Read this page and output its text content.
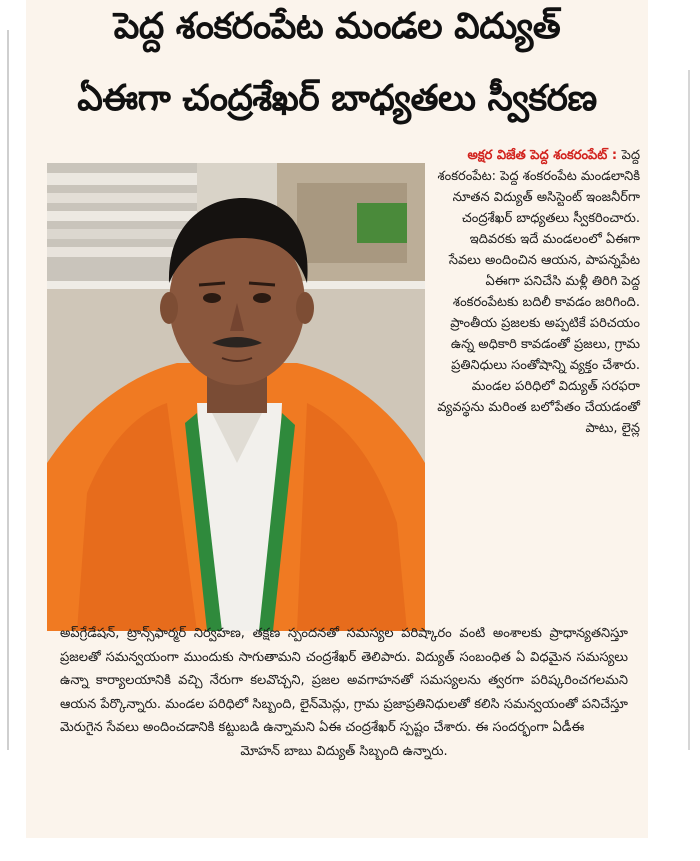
పెద్ద శంకరంపేట మండల విద్యుత్
ఏఈగా చంద్రశేఖర్ బాధ్యతలు స్వీకరణ
అక్షర విజేత పెద్ద శంకరంపేట్ : పెద్ద శంకరంపేట: పెద్ద శంకరంపేట మండలానికి నూతన విద్యుత్ అసిస్టెంట్ ఇంజనీర్‌గా చంద్రశేఖర్ బాధ్యతలు స్వీకరించారు. ఇదివరకు ఇదే మండలంలో ఏఈగా సేవలు అందించిన ఆయన, పాపన్నపేట ఏఈగా పనిచేసి మళ్లీ తిరిగి పెద్ద శంకరంపేటకు బదిలీ కావడం జరిగింది. ప్రాంతీయ ప్రజలకు అప్పటికే పరిచయం ఉన్న అధికారి కావడంతో ప్రజలు, గ్రామ ప్రతినిధులు సంతోషాన్ని వ్యక్తం చేశారు. మండల పరిధిలో విద్యుత్ సరఫరా వ్యవస్థను మరింత బలోపేతం చేయడంతో పాటు, లైన్ల
అప్‌గ్రేడేషన్, ట్రాన్స్‌ఫార్మర్ నిర్వహణ, తక్షణ స్పందనతో సమస్యల పరిష్కారం వంటి అంశాలకు ప్రాధాన్యతనిస్తూ ప్రజలతో సమన్వయంగా ముందుకు సాగుతామని చంద్రశేఖర్ తెలిపారు. విద్యుత్ సంబంధిత ఏ విధమైన సమస్యలు ఉన్నా కార్యాలయానికి వచ్చి నేరుగా కలవొచ్చని, ప్రజల అవగాహనతో సమస్యలను త్వరగా పరిష్కరించగలమని ఆయన పేర్కొన్నారు. మండల పరిధిలో సిబ్బంది, లైన్‌మెన్లు, గ్రామ ప్రజాప్రతినిధులతో కలిసి సమన్వయంతో పనిచేస్తూ మెరుగైన సేవలు అందించడానికి కట్టుబడి ఉన్నామని ఏఈ చంద్రశేఖర్ స్పష్టం చేశారు. ఈ సందర్భంగా ఏడీఈ
మోహన్ బాబు విద్యుత్ సిబ్బంది ఉన్నారు.
